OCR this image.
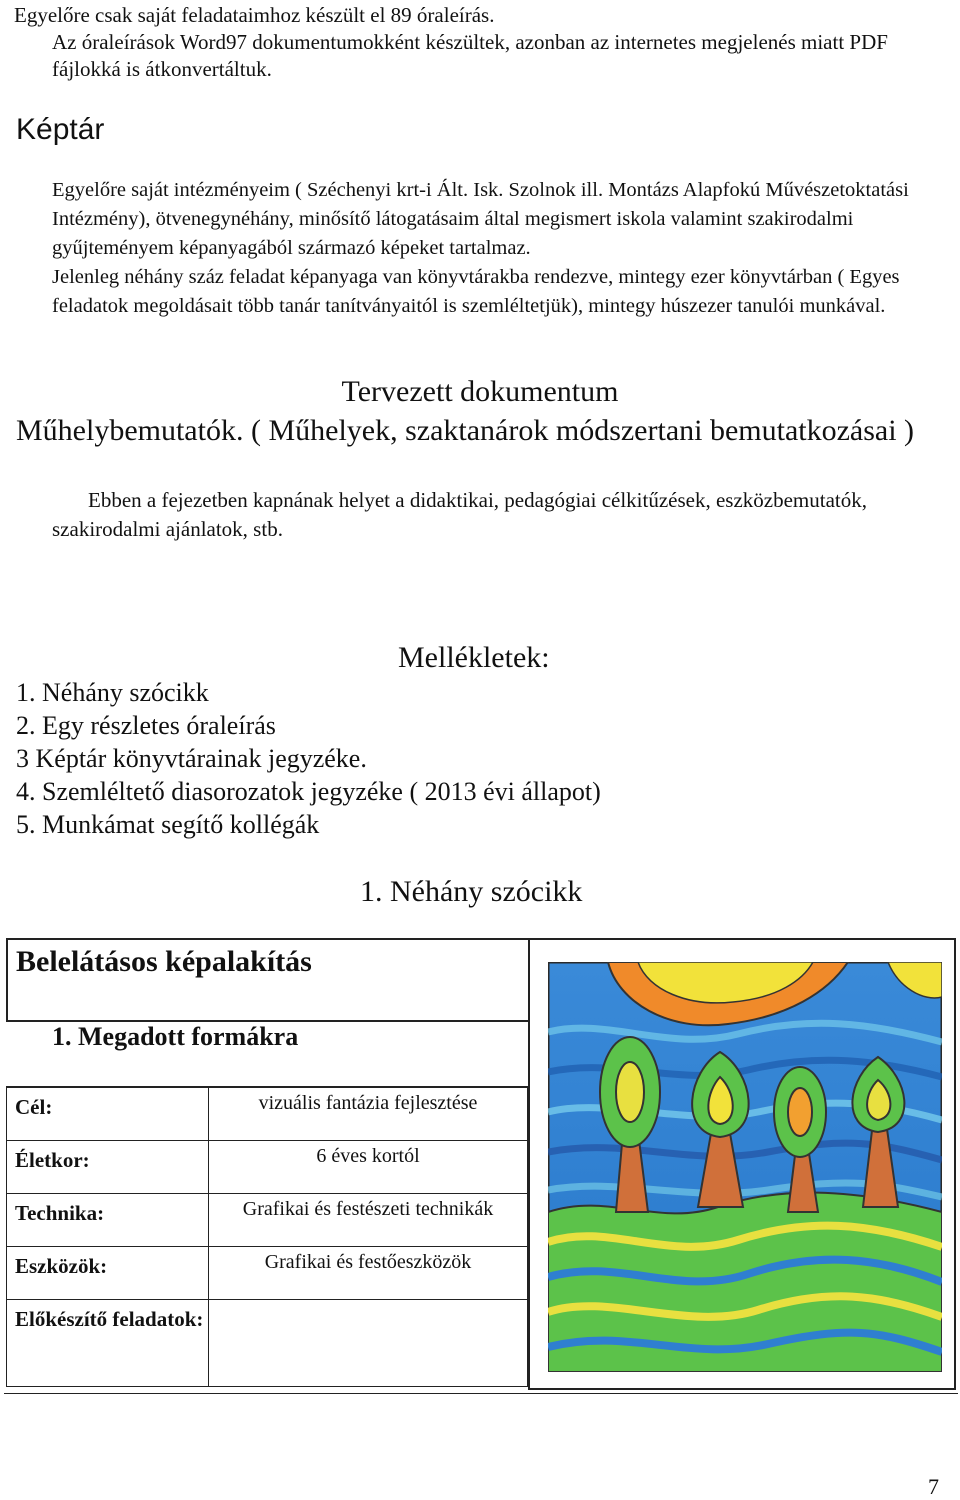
Egyelőre csak saját feladataimhoz készült el 89 óraleírás.
Az óraleírások Word97 dokumentumokként készültek, azonban az internetes megjelenés miatt PDF fájlokká is átkonvertáltuk.
Képtár

Egyelőre saját intézményeim ( Széchenyi krt-i Ált. Isk. Szolnok ill. Montázs Alapfokú Művészetoktatási Intézmény), ötvenegynéhány, minősítő látogatásaim által megismert iskola valamint szakirodalmi gyűjteményem képanyagából származó képeket tartalmaz.

Jelenleg néhány száz feladat képanyaga van könyvtárakba rendezve, mintegy ezer könyvtárban ( Egyes feladatok megoldásait több tanár tanítványaitól is szemléltetjük), mintegy húszezer tanulói munkával.

Tervezett dokumentum
Műhelybemutatók. ( Műhelyek, szaktanárok módszertani bemutatkozásai )
Ebben a fejezetben kapnának helyet a didaktikai, pedagógiai célkitűzések, eszközbemutatók, szakirodalmi ajánlatok, stb.
Mellékletek:
1. Néhány szócikk
2. Egy részletes óraleírás
3 Képtár könyvtárainak jegyzéke.
4. Szemléltető diasorozatok jegyzéke ( 2013 évi állapot)
5. Munkámat segítő kollégák
1. Néhány szócikk
Belelátásos képalakítás
1. Megadott formákra
Cél:	vizuális fantázia fejlesztése
Életkor:	6 éves kortól
Technika:	Grafikai és festészeti technikák
Eszközök:	Grafikai és festőeszközök
Előkészítő feladatok:	
7
